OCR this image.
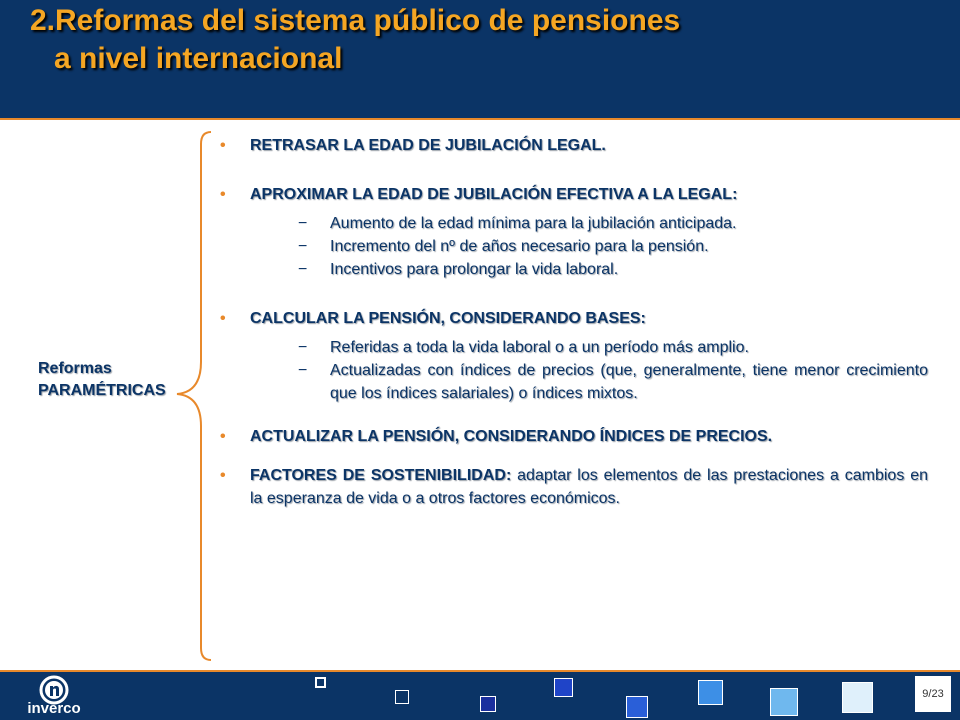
2.Reformas del sistema público de pensiones
a nivel internacional
Reformas
PARAMÉTRICAS
• RETRASAR LA EDAD DE JUBILACIÓN LEGAL.
• APROXIMAR LA EDAD DE JUBILACIÓN EFECTIVA A LA LEGAL:
− Aumento de la edad mínima para la jubilación anticipada.
− Incremento del nº de años necesario para la pensión.
− Incentivos para prolongar la vida laboral.
• CALCULAR LA PENSIÓN, CONSIDERANDO BASES:
− Referidas a toda la vida laboral o a un período más amplio.
− Actualizadas con índices de precios (que, generalmente, tiene menor crecimiento que los índices salariales) o índices mixtos.
• ACTUALIZAR LA PENSIÓN, CONSIDERANDO ÍNDICES DE PRECIOS.
• FACTORES DE SOSTENIBILIDAD: adaptar los elementos de las prestaciones a cambios en la esperanza de vida o a otros factores económicos.
inverco
9/23
